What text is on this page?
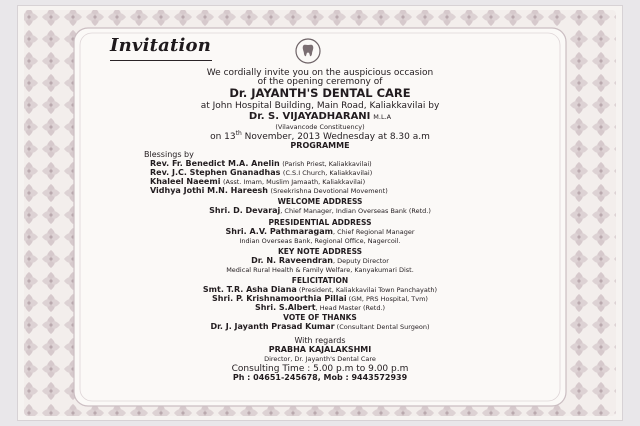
Invitation
We cordially invite you on the auspicious occasion
of the opening ceremony of
Dr. JAYANTH'S DENTAL CARE
at John Hospital Building, Main Road, Kaliakkavilai by
Dr. S. VIJAYADHARANI M.L.A
(Vilavancode Constituency)
on 13th November, 2013 Wednesday at 8.30 a.m
PROGRAMME
Blessings by
Rev. Fr. Benedict M.A. Anelin (Parish Priest, Kaliakkavilai)
Rev. J.C. Stephen Gnanadhas (C.S.I Church, Kaliakkavilai)
Khaleel Naeemi (Asst. Imam, Muslim Jamaath, Kaliakkavilai)
Vidhya Jothi M.N. Hareesh (Sreekrishna Devotional Movement)
WELCOME ADDRESS
Shri. D. Devaraj, Chief Manager, Indian Overseas Bank (Retd.)
PRESIDENTIAL ADDRESS
Shri. A.V. Pathmaragam, Chief Regional Manager
Indian Overseas Bank, Regional Office, Nagercoil.
KEY NOTE ADDRESS
Dr. N. Raveendran, Deputy Director
Medical Rural Health & Family Welfare, Kanyakumari Dist.
FELICITATION
Smt. T.R. Asha Diana (President, Kaliakkavilai Town Panchayath)
Shri. P. Krishnamoorthia Pillai (GM, PRS Hospital, Tvm)
Shri. S.Albert, Head Master (Retd.)
VOTE OF THANKS
Dr. J. Jayanth Prasad Kumar (Consultant Dental Surgeon)
With regards
PRABHA KAJALAKSHMI
Director, Dr. Jayanth's Dental Care
Consulting Time : 5.00 p.m to 9.00 p.m
Ph : 04651-245678, Mob : 9443572939
